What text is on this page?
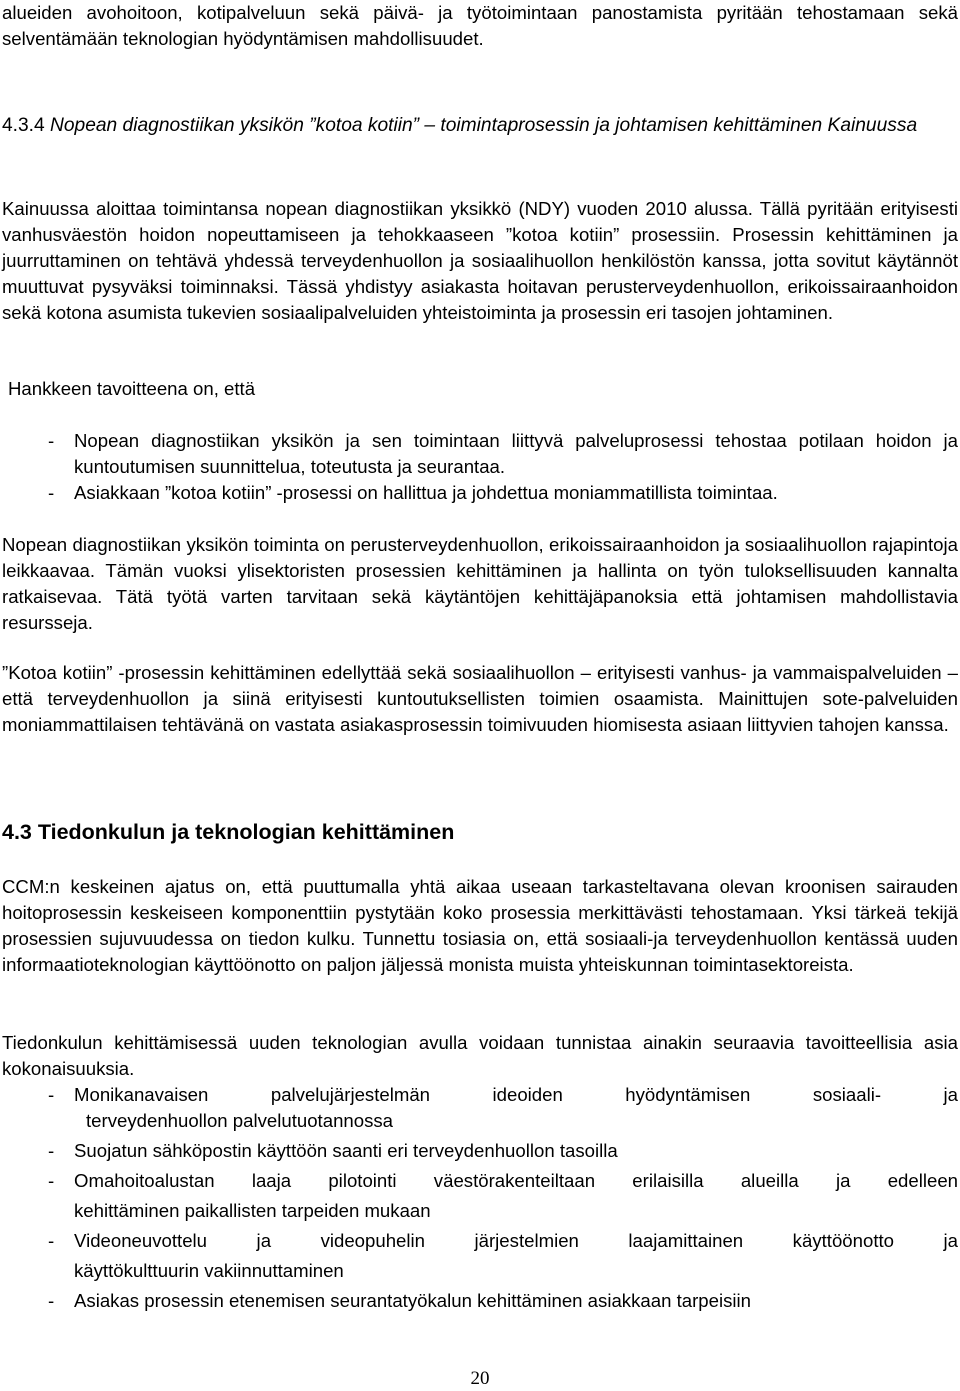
alueiden avohoitoon, kotipalveluun sekä päivä- ja työtoimintaan panostamista pyritään tehostamaan sekä selventämään teknologian hyödyntämisen mahdollisuudet.

4.3.4 Nopean diagnostiikan yksikön ”kotoa kotiin” – toimintaprosessin ja johtamisen kehittäminen Kainuussa

Kainuussa aloittaa toimintansa nopean diagnostiikan yksikkö (NDY) vuoden 2010 alussa. Tällä pyritään erityisesti vanhusväestön hoidon nopeuttamiseen ja tehokkaaseen ”kotoa kotiin” prosessiin. Prosessin kehittäminen ja juurruttaminen on tehtävä yhdessä terveydenhuollon ja sosiaalihuollon henkilöstön kanssa, jotta sovitut käytännöt muuttuvat pysyväksi toiminnaksi. Tässä yhdistyy asiakasta hoitavan perusterveydenhuollon, erikoissairaanhoidon sekä kotona asumista tukevien sosiaalipalveluiden yhteistoiminta ja prosessin eri tasojen johtaminen.

Hankkeen tavoitteena on, että

- Nopean diagnostiikan yksikön ja sen toimintaan liittyvä palveluprosessi tehostaa potilaan hoidon ja kuntoutumisen suunnittelua, toteutusta ja seurantaa.
- Asiakkaan ”kotoa kotiin” -prosessi on hallittua ja johdettua moniammatillista toimintaa.

Nopean diagnostiikan yksikön toiminta on perusterveydenhuollon, erikoissairaanhoidon ja sosiaalihuollon rajapintoja leikkaavaa. Tämän vuoksi ylisektoristen prosessien kehittäminen ja hallinta on työn tuloksellisuuden kannalta ratkaisevaa. Tätä työtä varten tarvitaan sekä käytäntöjen kehittäjäpanoksia että johtamisen mahdollistavia resursseja.

”Kotoa kotiin” -prosessin kehittäminen edellyttää sekä sosiaalihuollon – erityisesti vanhus- ja vammaispalveluiden – että terveydenhuollon ja siinä erityisesti kuntoutuksellisten toimien osaamista. Mainittujen sote-palveluiden moniammattilaisen tehtävänä on vastata asiakasprosessin toimivuuden hiomisesta asiaan liittyvien tahojen kanssa.

4.3 Tiedonkulun ja teknologian kehittäminen

CCM:n keskeinen ajatus on, että puuttumalla yhtä aikaa useaan tarkasteltavana olevan kroonisen sairauden hoitoprosessin keskeiseen komponenttiin pystytään koko prosessia merkittävästi tehostamaan. Yksi tärkeä tekijä prosessien sujuvuudessa on tiedon kulku. Tunnettu tosiasia on, että sosiaali-ja terveydenhuollon kentässä uuden informaatioteknologian käyttöönotto on paljon jäljessä monista muista yhteiskunnan toimintasektoreista.

Tiedonkulun kehittämisessä uuden teknologian avulla voidaan tunnistaa ainakin seuraavia tavoitteellisia asia kokonaisuuksia.

- Monikanavaisen palvelujärjestelmän ideoiden hyödyntämisen sosiaali- ja
terveydenhuollon palvelutuotannossa
- Suojatun sähköpostin käyttöön saanti eri terveydenhuollon tasoilla
- Omahoitoalustan laaja pilotointi väestörakenteiltaan erilaisilla alueilla ja edelleen
kehittäminen paikallisten tarpeiden mukaan
- Videoneuvottelu ja videopuhelin järjestelmien laajamittainen käyttöönotto ja
käyttökulttuurin vakiinnuttaminen
- Asiakas prosessin etenemisen seurantatyökalun kehittäminen asiakkaan tarpeisiin
20
